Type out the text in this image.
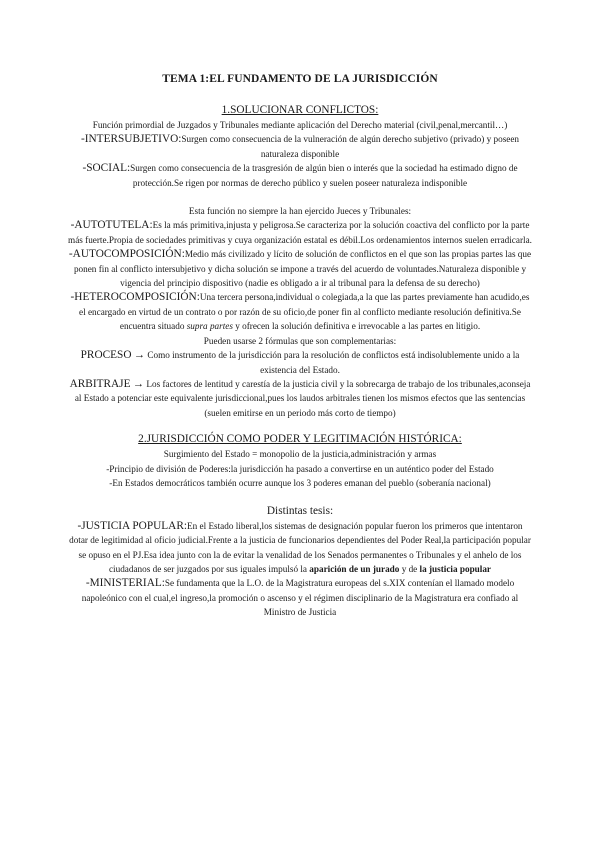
TEMA 1:EL FUNDAMENTO DE LA JURISDICCIÓN

1.SOLUCIONAR CONFLICTOS:

Función primordial de Juzgados y Tribunales mediante aplicación del Derecho material (civil,penal,mercantil…)

-INTERSUBJETIVO:Surgen como consecuencia de la vulneración de algún derecho subjetivo (privado) y poseen naturaleza disponible

-SOCIAL:Surgen como consecuencia de la trasgresión de algún bien o interés que la sociedad ha estimado digno de protección.Se rigen por normas de derecho público y suelen poseer naturaleza indisponible

Esta función no siempre la han ejercido Jueces y Tribunales:

-AUTOTUTELA:Es la más primitiva,injusta y peligrosa.Se caracteriza por la solución coactiva del conflicto por la parte más fuerte.Propia de sociedades primitivas y cuya organización estatal es débil.Los ordenamientos internos suelen erradicarla.

-AUTOCOMPOSICIÓN:Medio más civilizado y lícito de solución de conflictos en el que son las propias partes las que ponen fin al conflicto intersubjetivo y dicha solución se impone a través del acuerdo de voluntades.Naturaleza disponible y vigencia del principio dispositivo (nadie es obligado a ir al tribunal para la defensa de su derecho)

-HETEROCOMPOSICIÓN:Una tercera persona,individual o colegiada,a la que las partes previamente han acudido,es el encargado en virtud de un contrato o por razón de su oficio,de poner fin al conflicto mediante resolución definitiva.Se encuentra situado supra partes y ofrecen la solución definitiva e irrevocable a las partes en litigio.

Pueden usarse 2 fórmulas que son complementarias:

PROCESO → Como instrumento de la jurisdicción para la resolución de conflictos está indisolublemente unido a la existencia del Estado.

ARBITRAJE → Los factores de lentitud y carestía de la justicia civil y la sobrecarga de trabajo de los tribunales,aconseja al Estado a potenciar este equivalente jurisdiccional,pues los laudos arbitrales tienen los mismos efectos que las sentencias (suelen emitirse en un periodo más corto de tiempo)

2.JURISDICCIÓN COMO PODER Y LEGITIMACIÓN HISTÓRICA:

Surgimiento del Estado = monopolio de la justicia,administración y armas

-Principio de división de Poderes:la jurisdicción ha pasado a convertirse en un auténtico poder del Estado

-En Estados democráticos también ocurre aunque los 3 poderes emanan del pueblo (soberanía nacional)

Distintas tesis:

-JUSTICIA POPULAR:En el Estado liberal,los sistemas de designación popular fueron los primeros que intentaron dotar de legitimidad al oficio judicial.Frente a la justicia de funcionarios dependientes del Poder Real,la participación popular se opuso en el PJ.Esa idea junto con la de evitar la venalidad de los Senados permanentes o Tribunales y el anhelo de los ciudadanos de ser juzgados por sus iguales impulsó la aparición de un jurado y de la justicia popular

-MINISTERIAL:Se fundamenta que la L.O. de la Magistratura europeas del s.XIX contenían el llamado modelo napoleónico con el cual,el ingreso,la promoción o ascenso y el régimen disciplinario de la Magistratura era confiado al Ministro de Justicia
